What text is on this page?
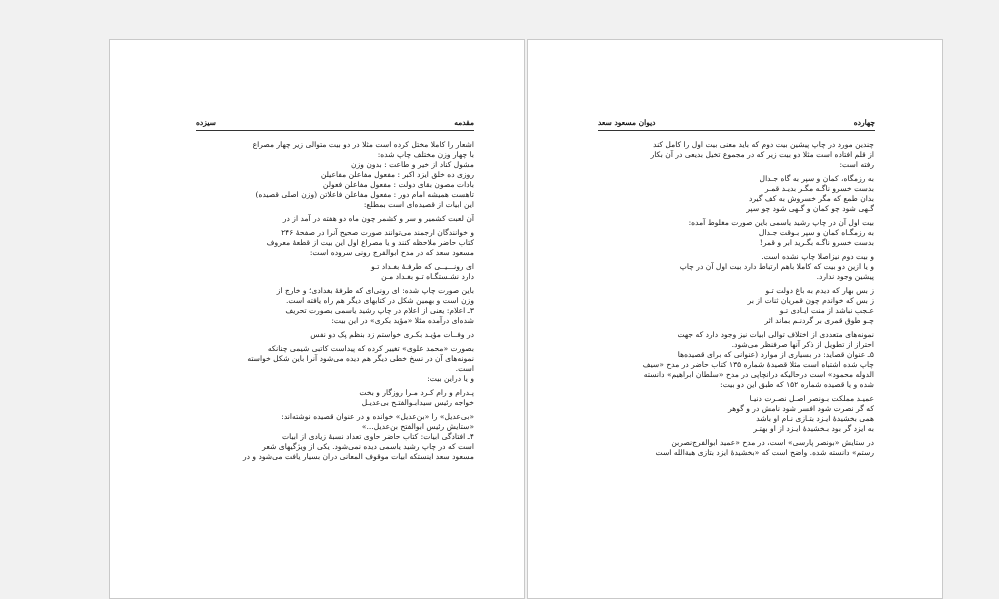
مقدمه
سیزده	چهارده
دیوان مسعود سعد
اشعار را کاملا مختل کرده است مثلا در دو بیت متوالی زیر چهار مصراع
با چهار وزن مختلف چاپ شده:
مشول کناد از خیر و طاعت : بدون وزن
روزی ده خلق ایزد اکبر : مفعول مفاعلن مفاعیلن
بادات مصون بقای دولت : مفعول مفاعلن فعولن
تاهست همیشه امام دور : مفعول مفاعلن فاعلاتن (وزن اصلی قصیده)
این ابیات از قصیده‌ای است بمطلع:
آن لعبت کشمیر و سر و کشمر چون ماه دو هفته در آمد از در
و خوانندگان ارجمند می‌توانند صورت صحیح آنرا در صفحهٔ ۲۴۶
کتاب حاضر ملاحظه کنند و یا مصراع اول این بیت از قطعهٔ معروف
مسعود سعد که در مدح ابوالفرج رونی سروده است:
ای رونـــیــی که طرفـهٔ بغـداد تـو
دارد نشـستگـاه تـو بغـداد مـن
باین صورت چاپ شده: ای رونی‌ای که طرفهٔ بغدادی؛ و خارج از
وزن است و بهمین شکل در کتابهای دیگر هم راه یافته است.
۳ـ اعلام: یعنی از اعلام در چاپ رشید یاسمی بصورت تحریف
شده‌ای درآمده مثلا «مؤید بکری» در این بیت:
در وفــات مؤیـد بکـری خواستم زد بنظم پک دو نفس
بصورت «محمد علوی» تغییر کرده که پیداست کاتبی شیمی چنانکه
نمونه‌های آن در نسخ خطی دیگر هم دیده می‌شود آنرا باین شکل خواسته
است.
و یا دراین بیت:
پـدرام و رام کـرد مـرا روزگار و بخت
خواجه رئیس سیدابـوالفتـح بی‌عدیـل
«بی‌عدیل» را «بن‌عدیل» خوانده و در عنوان قصیده نوشته‌اند:
«ستایش رئیس ابوالفتح بن‌عدیل...»
۴ـ افتادگی ابیات: کتاب حاضر حاوی تعداد نسبهٔ زیادی از ابیات
است که در چاپ رشید یاسمی دیده نمی‌شود. یکی از ویژگیهای شعر
مسعود سعد اینستکه ابیات موقوف المعانی دران بسیار یافت می‌شود و در
چندین مورد در چاپ پیشین بیت دوم که باید معنی بیت اول را کامل کند
از قلم افتاده است مثلا دو بیت زیر که در مجموع تخیل بدیعی در آن بکار
رفته است:
به رزمگاه، کمان و سپر به گاه جـدال
بدست خسرو ناگـه مگـر بدیـد قمـر
بدان طمع که مگر خسروش به کف گیرد
گـهی شود چو کمان و گـهی شود چو سپر
بیت اول آن در چاپ رشید یاسمی باین صورت مغلوط آمده:
به رزمگـاه کمان و سپر بـوقت جـدال
بدست خسرو ناگـه بگـرید ابر و قمر!
و بیت دوم نیزاصلا چاپ نشده است.
و یا ازین دو بیت که کاملا باهم ارتباط دارد بیت اول آن در چاپ
پیشین وجود ندارد.
ز بس بهار که دیدم به باغ دولت تـو
ز بس که خواندم چون قمریان ثنات از بر
عـجب نباشد از منت ایـادی تـو
چـو طوق قمری بر گردنـم بماند اثر
نمونه‌های متعددی از اختلاف توالی ابیات نیز وجود دارد که جهت
احتراز از تطویل از ذکر آنها صرفنظر می‌شود.
۵ـ عنوان قصاید: در بسیاری از موارد (عنوانی که برای قصیده‌ها
چاپ شده اشتباه است مثلا قصیدهٔ شماره ۱۳۵ کتاب حاضر در مدح «سیف
الدوله محمود» است درحالیکه درانچاپی در مدح «سلطان ابراهیم» دانسته
شده و یا قصیده شماره ۱۵۲ که طبق این دو بیت:
عمیـد مملکت بـونصر اصـل نصـرت دنیـا
که گر نصرت شود افسر شود نامش در و گوهر
همی بخشیدهٔ ایـزد بتـازی نـام او باشد
به ایزد گر بود بـخشیدهٔ ایـزد از او بهتـر
در ستایش «بونصر پارسی» است، در مدح «عمید ابوالفرج‌نصربن
رستم» دانسته شده. واضح است که «بخشیدهٔ ایزد بتازی هبةالله است
